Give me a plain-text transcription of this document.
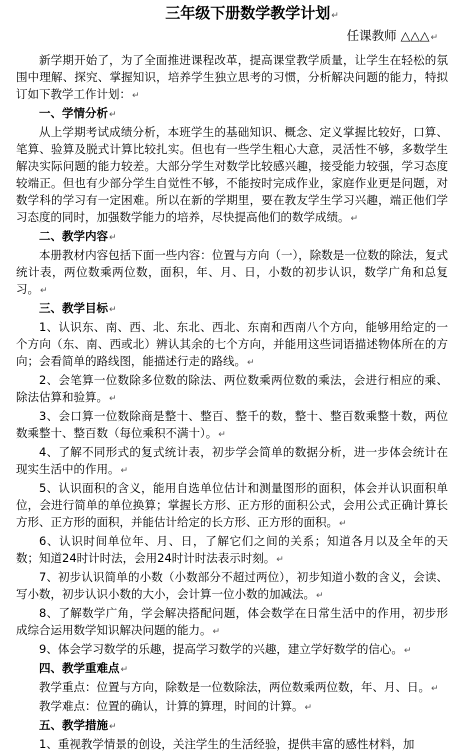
三年级下册数学教学计划↵
任课教师 △△△↵

新学期开始了，为了全面推进课程改革，提高课堂教学质量，让学生在轻松的氛围中理解、探究、掌握知识，培养学生独立思考的习惯，分析解决问题的能力，特拟订如下教学工作计划：↵

一、学情分析↵

从上学期考试成绩分析，本班学生的基础知识、概念、定义掌握比较好，口算、笔算、验算及脱式计算比较扎实。但也有一些学生粗心大意，灵活性不够，多数学生解决实际问题的能力较差。大部分学生对数学比较感兴趣，接受能力较强，学习态度较端正。但也有少部分学生自觉性不够，不能按时完成作业，家庭作业更是问题，对数学科的学习有一定困难。所以在新的学期里，要在教友学生学习兴趣，端正他们学习态度的同时，加强数学能力的培养，尽快提高他们的数学成绩。↵

二、教学内容↵

本册教材内容包括下面一些内容：位置与方向（一），除数是一位数的除法，复式统计表，两位数乘两位数，面积，年、月、日，小数的初步认识，数学广角和总复习。↵

三、教学目标↵

1、认识东、南、西、北、东北、西北、东南和西南八个方向，能够用给定的一个方向（东、南、西或北）辨认其余的七个方向，并能用这些词语描述物体所在的方向；会看简单的路线图，能描述行走的路线。↵

2、会笔算一位数除多位数的除法、两位数乘两位数的乘法，会进行相应的乘、除法估算和验算。↵

3、会口算一位数除商是整十、整百、整千的数，整十、整百数乘整十数，两位数乘整十、整百数（每位乘积不满十）。↵

4、了解不同形式的复式统计表，初步学会简单的数据分析，进一步体会统计在现实生活中的作用。↵

5、认识面积的含义，能用自选单位估计和测量图形的面积，体会并认识面积单位，会进行简单的单位换算；掌握长方形、正方形的面积公式，会用公式正确计算长方形、正方形的面积，并能估计给定的长方形、正方形的面积。↵

6、认识时间单位年、月、日，了解它们之间的关系；知道各月以及全年的天数；知道24时计时法，会用24时计时法表示时刻。↵

7、初步认识简单的小数（小数部分不超过两位），初步知道小数的含义，会读、写小数，初步认识小数的大小，会计算一位小数的加减法。↵

8、了解数学广角，学会解决搭配问题，体会数学在日常生活中的作用，初步形成综合运用数学知识解决问题的能力。↵

9、体会学习数学的乐趣，提高学习数学的兴趣，建立学好数学的信心。↵

四、教学重难点↵

教学重点：位置与方向，除数是一位数除法，两位数乘两位数，年、月、日。↵

教学难点：位置的确认，计算的算理，时间的计算。↵

五、教学措施↵

1、重视教学情景的创设，关注学生的生活经验，提供丰富的感性材料，加
